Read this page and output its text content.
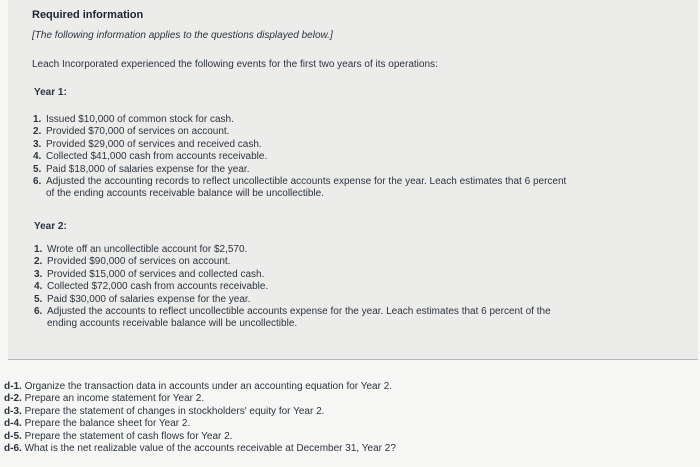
Required information
[The following information applies to the questions displayed below.]
Leach Incorporated experienced the following events for the first two years of its operations:
Year 1:
1. Issued $10,000 of common stock for cash.
2. Provided $70,000 of services on account.
3. Provided $29,000 of services and received cash.
4. Collected $41,000 cash from accounts receivable.
5. Paid $18,000 of salaries expense for the year.
6. Adjusted the accounting records to reflect uncollectible accounts expense for the year. Leach estimates that 6 percent
of the ending accounts receivable balance will be uncollectible.
Year 2:
1. Wrote off an uncollectible account for $2,570.
2. Provided $90,000 of services on account.
3. Provided $15,000 of services and collected cash.
4. Collected $72,000 cash from accounts receivable.
5. Paid $30,000 of salaries expense for the year.
6. Adjusted the accounts to reflect uncollectible accounts expense for the year. Leach estimates that 6 percent of the
ending accounts receivable balance will be uncollectible.
d-1. Organize the transaction data in accounts under an accounting equation for Year 2.
d-2. Prepare an income statement for Year 2.
d-3. Prepare the statement of changes in stockholders' equity for Year 2.
d-4. Prepare the balance sheet for Year 2.
d-5. Prepare the statement of cash flows for Year 2.
d-6. What is the net realizable value of the accounts receivable at December 31, Year 2?
